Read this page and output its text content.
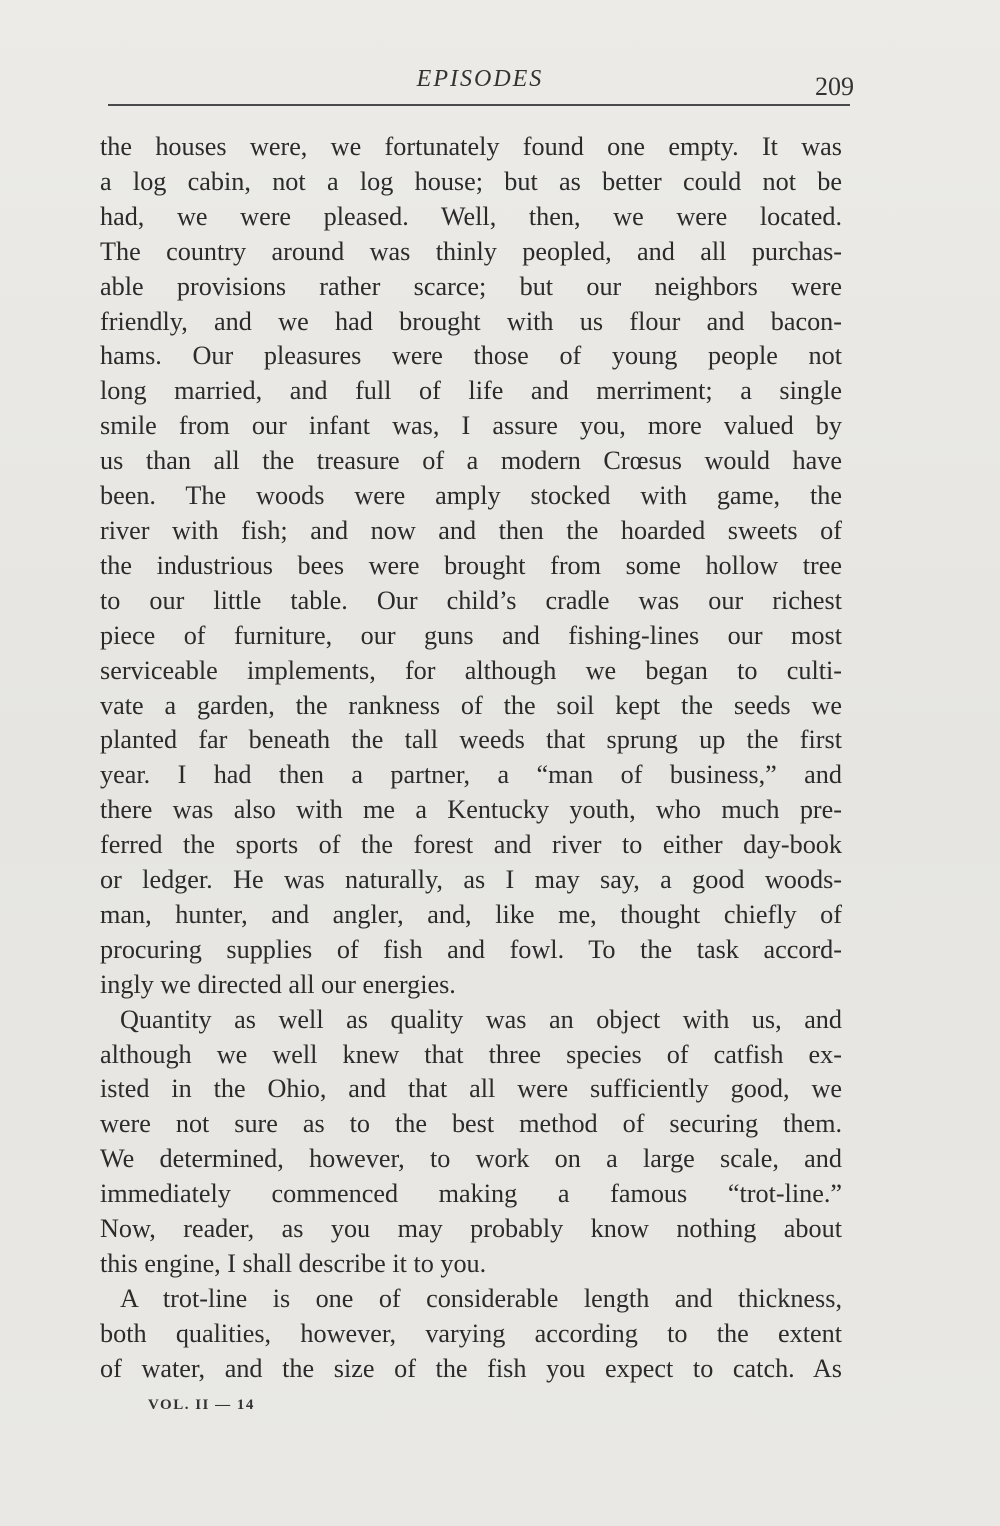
EPISODES	209
the houses were, we fortunately found one empty. It was
a log cabin, not a log house; but as better could not be
had, we were pleased. Well, then, we were located.
The country around was thinly peopled, and all purchas-
able provisions rather scarce; but our neighbors were
friendly, and we had brought with us flour and bacon-
hams. Our pleasures were those of young people not
long married, and full of life and merriment; a single
smile from our infant was, I assure you, more valued by
us than all the treasure of a modern Crœsus would have
been. The woods were amply stocked with game, the
river with fish; and now and then the hoarded sweets of
the industrious bees were brought from some hollow tree
to our little table. Our child’s cradle was our richest
piece of furniture, our guns and fishing-lines our most
serviceable implements, for although we began to culti-
vate a garden, the rankness of the soil kept the seeds we
planted far beneath the tall weeds that sprung up the first
year. I had then a partner, a “man of business,” and
there was also with me a Kentucky youth, who much pre-
ferred the sports of the forest and river to either day-book
or ledger. He was naturally, as I may say, a good woods-
man, hunter, and angler, and, like me, thought chiefly of
procuring supplies of fish and fowl. To the task accord-
ingly we directed all our energies.
Quantity as well as quality was an object with us, and
although we well knew that three species of catfish ex-
isted in the Ohio, and that all were sufficiently good, we
were not sure as to the best method of securing them.
We determined, however, to work on a large scale, and
immediately commenced making a famous “trot-line.”
Now, reader, as you may probably know nothing about
this engine, I shall describe it to you.
A trot-line is one of considerable length and thickness,
both qualities, however, varying according to the extent
of water, and the size of the fish you expect to catch. As
VOL. II — 14
